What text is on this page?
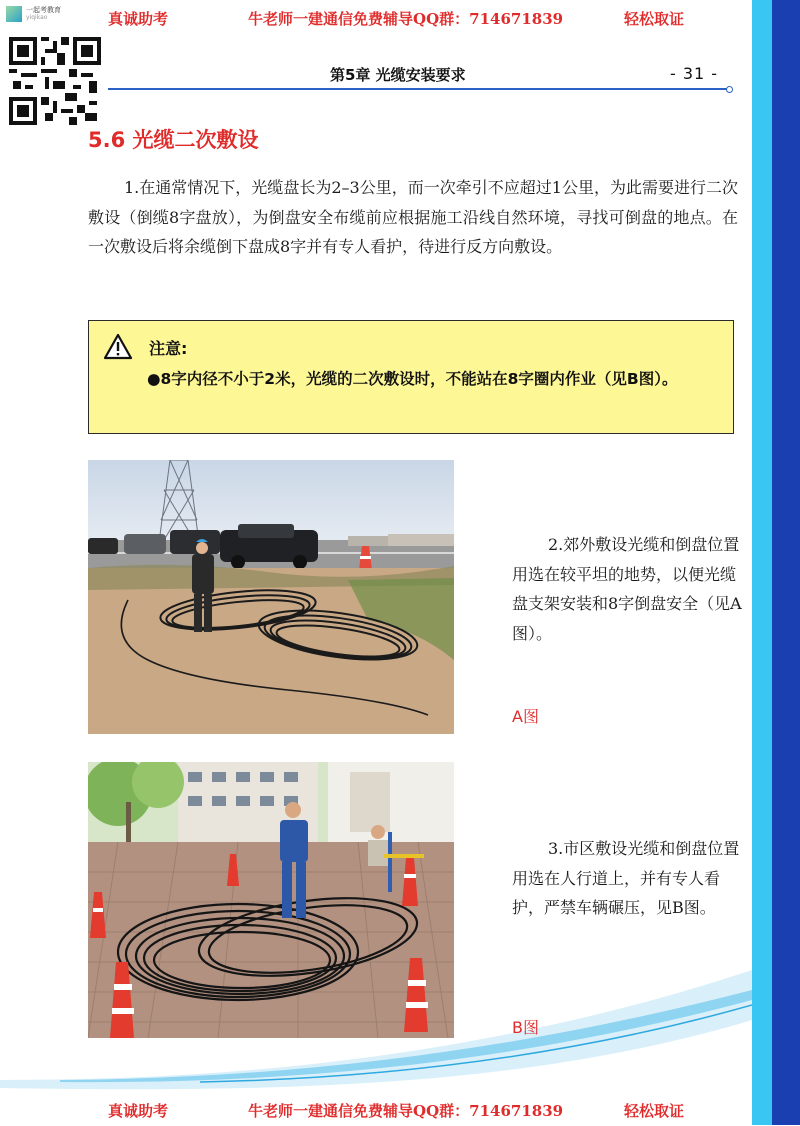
真诚助考	牛老师一建通信免费辅导QQ群：714671839	轻松取证
一起考教育
yiqikao
第5章 光缆安装要求	- 31 -
5.6 光缆二次敷设
1.在通常情况下，光缆盘长为2–3公里，而一次牵引不应超过1公里，为此需要进行二次敷设（倒缆8字盘放），为倒盘安全布缆前应根据施工沿线自然环境，寻找可倒盘的地点。在一次敷设后将余缆倒下盘成8字并有专人看护，待进行反方向敷设。
注意:
●8字内径不小于2米，光缆的二次敷设时，不能站在8字圈内作业（见B图）。
2.郊外敷设光缆和倒盘位置用选在较平坦的地势，以便光缆盘支架安装和8字倒盘安全（见A图）。
A图
3.市区敷设光缆和倒盘位置用选在人行道上，并有专人看护，严禁车辆碾压，见B图。
B图
真诚助考	牛老师一建通信免费辅导QQ群：714671839	轻松取证
